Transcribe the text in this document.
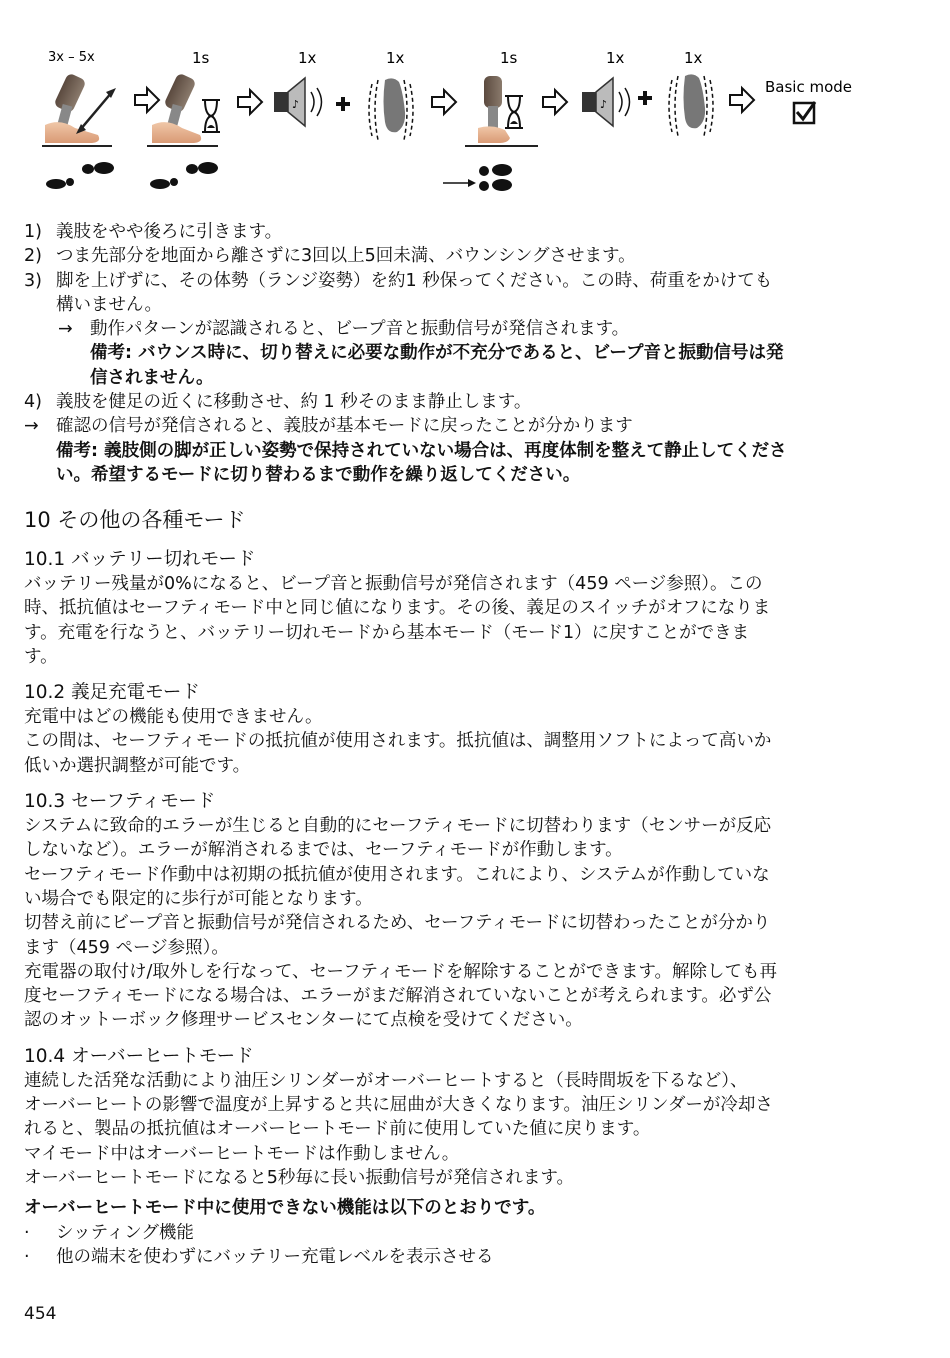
3x – 5x	1s	1x	1x	1s	1x	1x
Basic mode
♪	♪
1) 義肢をやや後ろに引きます。
2) つま先部分を地面から離さずに3回以上5回未満、バウンシングさせます。
3) 脚を上げずに、その体勢（ランジ姿勢）を約1 秒保ってください。この時、荷重をかけても
構いません。
→ 動作パターンが認識されると、ビープ音と振動信号が発信されます。
備考: バウンス時に、切り替えに必要な動作が不充分であると、ビープ音と振動信号は発
信されません。
4) 義肢を健足の近くに移動させ、約 1 秒そのまま静止します。
→ 確認の信号が発信されると、義肢が基本モードに戻ったことが分かります
備考: 義肢側の脚が正しい姿勢で保持されていない場合は、再度体制を整えて静止してくださ
い。希望するモードに切り替わるまで動作を繰り返してください。
10 その他の各種モード
10.1 バッテリー切れモード

バッテリー残量が0%になると、ビープ音と振動信号が発信されます（459 ページ参照）。この

時、抵抗値はセーフティモード中と同じ値になります。その後、義足のスイッチがオフになりま

す。充電を行なうと、バッテリー切れモードから基本モード（モード1）に戻すことができま

す。

10.2 義足充電モード

充電中はどの機能も使用できません。

この間は、セーフティモードの抵抗値が使用されます。抵抗値は、調整用ソフトによって高いか

低いか選択調整が可能です。

10.3 セーフティモード

システムに致命的エラーが生じると自動的にセーフティモードに切替わります（センサーが反応

しないなど）。エラーが解消されるまでは、セーフティモードが作動します。

セーフティモード作動中は初期の抵抗値が使用されます。これにより、システムが作動していな

い場合でも限定的に歩行が可能となります。

切替え前にビープ音と振動信号が発信されるため、セーフティモードに切替わったことが分かり

ます（459 ページ参照）。

充電器の取付け/取外しを行なって、セーフティモードを解除することができます。解除しても再

度セーフティモードになる場合は、エラーがまだ解消されていないことが考えられます。必ず公

認のオットーボック修理サービスセンターにて点検を受けてください。

10.4 オーバーヒートモード

連続した活発な活動により油圧シリンダーがオーバーヒートすると（長時間坂を下るなど）、

オーバーヒートの影響で温度が上昇すると共に屈曲が大きくなります。油圧シリンダーが冷却さ

れると、製品の抵抗値はオーバーヒートモード前に使用していた値に戻ります。

マイモード中はオーバーヒートモードは作動しません。

オーバーヒートモードになると5秒毎に長い振動信号が発信されます。

オーバーヒートモード中に使用できない機能は以下のとおりです。

· シッティング機能
· 他の端末を使わずにバッテリー充電レベルを表示させる
454
